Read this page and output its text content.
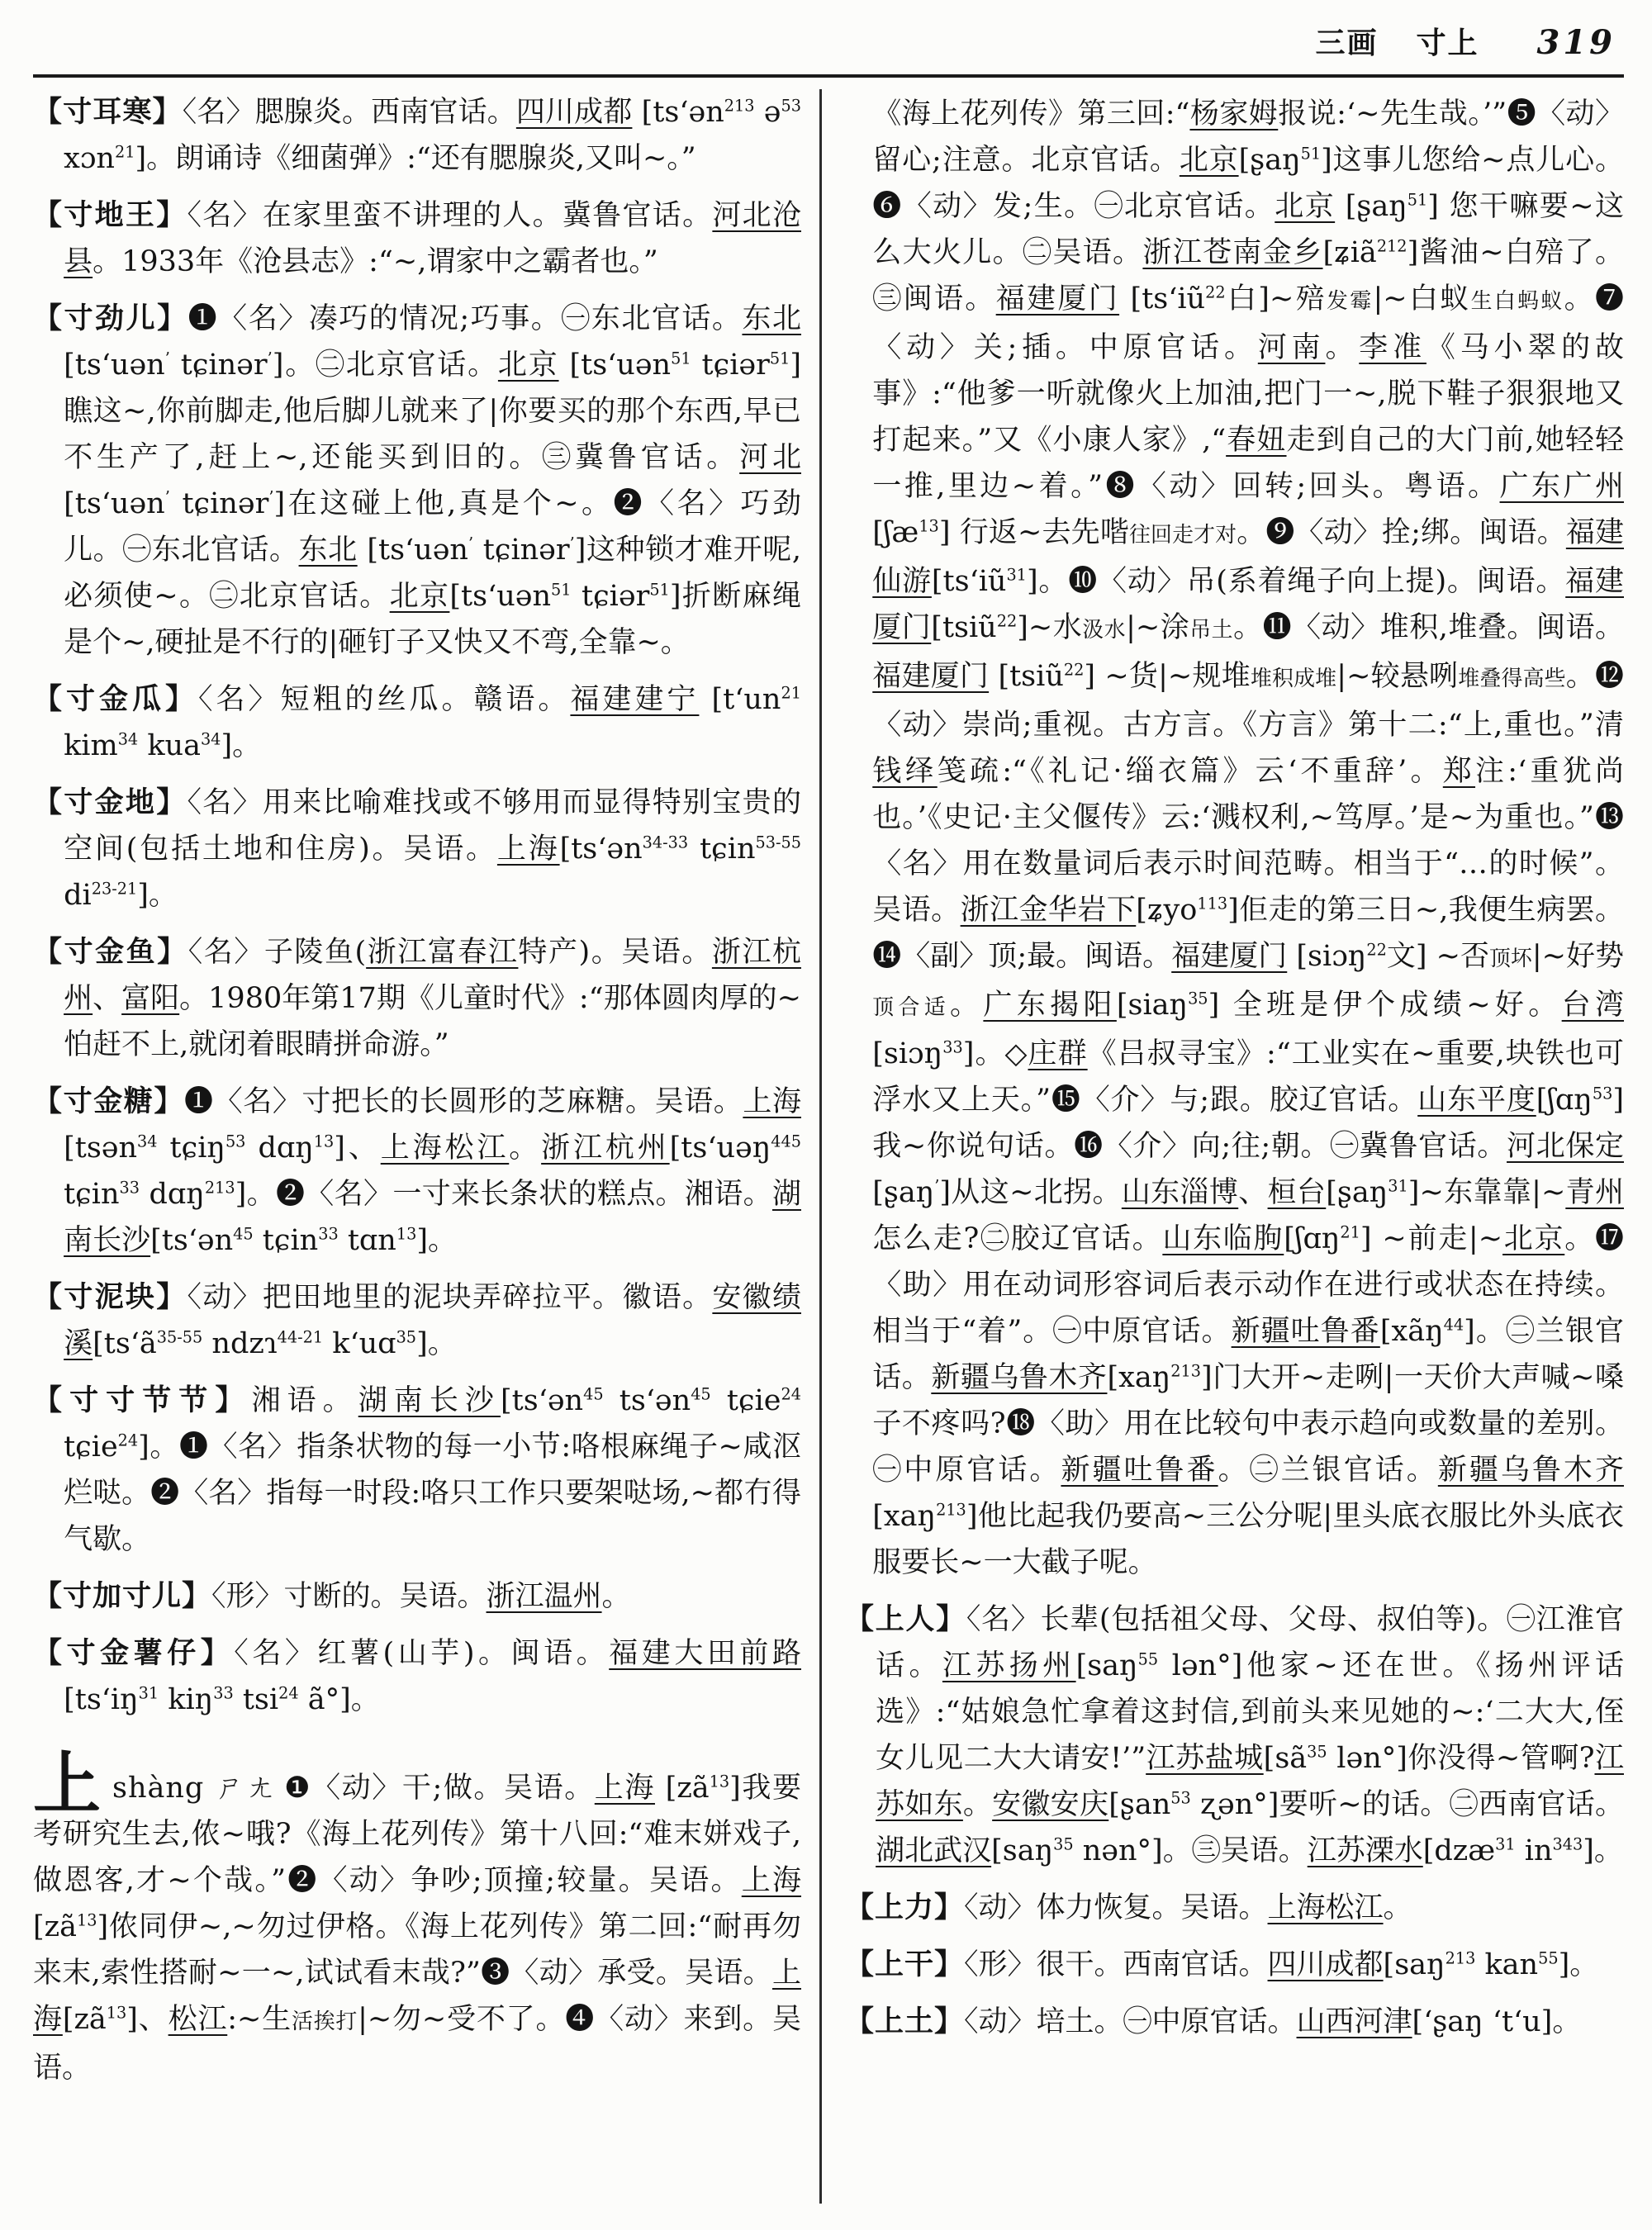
三画 寸上 319

【寸耳寒】〈名〉腮腺炎。西南官话。四川成都 [ts‘ən$^{213}$ ə$^{53}$ xɔn$^{21}$]。朗诵诗《细菌弹》:“还有腮腺炎,又叫~。”

【寸地王】〈名〉在家里蛮不讲理的人。冀鲁官话。河北沧县。1933年《沧县志》:“~,谓家中之霸者也。”

【寸劲儿】❶〈名〉凑巧的情况;巧事。㊀东北官话。东北 [ts‘uən’ tɕinər’]。㊁北京官话。北京 [ts‘uən$^{51}$ tɕiər$^{51}$]瞧这~,你前脚走,他后脚儿就来了|你要买的那个东西,早已不生产了,赶上~,还能买到旧的。㊂冀鲁官话。河北[ts‘uən’ tɕinər’]在这碰上他,真是个~。❷〈名〉巧劲儿。㊀东北官话。东北 [ts‘uən’ tɕinər’]这种锁才难开呢,必须使~。㊁北京官话。北京[ts‘uən$^{51}$ tɕiər$^{51}$]折断麻绳是个~,硬扯是不行的|砸钉子又快又不弯,全靠~。

【寸金瓜】〈名〉短粗的丝瓜。赣语。福建建宁 [$t‘un^{21}$ kim$^{34}$ kua$^{34}$]。

【寸金地】〈名〉用来比喻难找或不够用而显得特别宝贵的空间(包括土地和住房)。吴语。上海[ts‘ən$^{34-33}$ tɕin$^{53-55}$ $di^{23-21}$]。

【寸金鱼】〈名〉子陵鱼(浙江富春江特产)。吴语。浙江杭州、富阳。1980年第17期《儿童时代》:“那体圆肉厚的~怕赶不上,就闭着眼睛拼命游。”

【寸金糖】❶〈名〉寸把长的长圆形的芝麻糖。吴语。上海 [tsən$^{34}$ tɕiŋ$^{53}$ dɑŋ$^{13}$]、上海松江。浙江杭州[ts‘uəŋ$^{445}$ tɕin$^{33}$ dɑŋ$^{213}$]。❷〈名〉一寸来长条状的糕点。湘语。湖南长沙[ts‘ən$^{45}$ tɕin$^{33}$ tɑn$^{13}$]。

【寸泥块】〈动〉把田地里的泥块弄碎拉平。徽语。安徽绩溪[$ts‘ã^{35-55}$ ndzɿ$^{44-21}$ k‘uɑ$^{35}$]。

【寸寸节节】湘语。湖南长沙[ts‘ən$^{45}$ ts‘ən$^{45}$ tɕie$^{24}$ tɕie$^{24}$]。❶〈名〉指条状物的每一小节:咯根麻绳子~咸沤烂哒。❷〈名〉指每一时段:咯只工作只要架哒场,~都冇得气歇。

【寸加寸儿】〈形〉寸断的。吴语。浙江温州。

【寸金薯仔】〈名〉红薯(山芋)。闽语。福建大田前路[$ts‘iŋ^{31}$ kiŋ$^{33}$ tsi$^{24}$ ã°]。

上shàng ㄕㄤ ❶〈动〉干;做。吴语。上海 $[zã^{13}]$我要考研究生去,侬~哦?《海上花列传》第十八回:“难末姘戏子,做恩客,才~个哉。”❷〈动〉争吵;顶撞;较量。吴语。上海$[zã^{13}]$侬同伊~,~勿过伊格。《海上花列传》第二回:“耐再勿来末,索性搭耐~一~,试试看末哉?”❸〈动〉承受。吴语。上海$[zã^{13}]$、松江:~生活挨打|~勿~受不了。❹〈动〉来到。吴语。

《海上花列传》第三回:“杨家姆报说:‘~先生哉。’”❺〈动〉留心;注意。北京官话。北京[ʂaŋ$^{51}$]这事儿您给~点儿心。❻〈动〉发;生。㊀北京官话。北京 [ʂaŋ$^{51}$] 您干嘛要~这么大火儿。㊁吴语。浙江苍南金乡[ʑiã$^{212}$]酱油~白殕了。㊂闽语。福建厦门 [$ts‘iũ^{22}$白]~殕发霉|~白蚁生白蚂蚁。❼〈动〉关;插。中原官话。河南。李准《马小翠的故事》:“他爹一听就像火上加油,把门一~,脱下鞋子狠狠地又打起来。”又《小康人家》,“春妞走到自己的大门前,她轻轻一推,里边~着。”❽〈动〉回转;回头。粤语。广东广州 [ʃæ$^{13}$] 行返~去先喈往回走才对。❾〈动〉拴;绑。闽语。福建仙游$[ts‘iũ^{31}]$。❿〈动〉吊(系着绳子向上提)。闽语。福建厦门[tsiũ$^{22}$]~水汲水|~涂吊土。⓫〈动〉堆积,堆叠。闽语。福建厦门 [tsiũ$^{22}$] ~货|~规堆堆积成堆|~较悬咧堆叠得高些。⓬〈动〉崇尚;重视。古方言。《方言》第十二:“上,重也。”清钱绎笺疏:“《礼记·缁衣篇》云‘不重辞’。郑注:‘重犹尚也。’《史记·主父偃传》云:‘溅权利,~笃厚。’是~为重也。”⓭〈名〉用在数量词后表示时间范畴。相当于“…的时候”。吴语。浙江金华岩下[ʑyo$^{113}$]佢走的第三日~,我便生病罢。⓮〈副〉顶;最。闽语。福建厦门 [siɔŋ$^{22}$文] ~否顶坏|~好势顶合适。广东揭阳[siaŋ$^{35}$] 全班是伊个成绩~好。台湾[siɔŋ$^{33}$]。◇庄群《吕叔寻宝》:“工业实在~重要,块铁也可浮水又上天。”⓯〈介〉与;跟。胶辽官话。山东平度[ʃɑŋ$^{53}$]我~你说句话。⓰〈介〉向;往;朝。㊀冀鲁官话。河北保定[ʂaŋ’]从这~北拐。山东淄博、桓台[ʂaŋ$^{31}$]~东靠靠|~青州怎么走?㊁胶辽官话。山东临朐[ʃɑŋ$^{21}$] ~前走|~北京。⓱〈助〉用在动词形容词后表示动作在进行或状态在持续。相当于“着”。㊀中原官话。新疆吐鲁番[xãŋ$^{44}$]。㊁兰银官话。新疆乌鲁木齐[xaŋ$^{213}$]门大开~走咧|一天价大声喊~嗓子不疼吗?⓲〈助〉用在比较句中表示趋向或数量的差别。㊀中原官话。新疆吐鲁番。㊁兰银官话。新疆乌鲁木齐[xaŋ$^{213}$]他比起我仍要高~三公分呢|里头底衣服比外头底衣服要长~一大截子呢。

【上人】〈名〉长辈(包括祖父母、父母、叔伯等)。㊀江淮官话。江苏扬州[saŋ$^{55}$ lən°]他家~还在世。《扬州评话选》:“姑娘急忙拿着这封信,到前头来见她的~:‘二大大,侄女儿见二大大请安!’”江苏盐城[$sã^{35}$ lən°]你没得~管啊?江苏如东。安徽安庆[ʂan$^{53}$ ʐən°]要听~的话。㊁西南官话。湖北武汉[saŋ$^{35}$ nən°]。㊂吴语。江苏溧水[dzæ$^{31}$ $in^{343}$]。

【上力】〈动〉体力恢复。吴语。上海松江。

【上干】〈形〉很干。西南官话。四川成都[saŋ$^{213}$ kan$^{55}$]。

【上土】〈动〉培土。㊀中原官话。山西河津[‘ʂaŋ ‘t‘u]。
